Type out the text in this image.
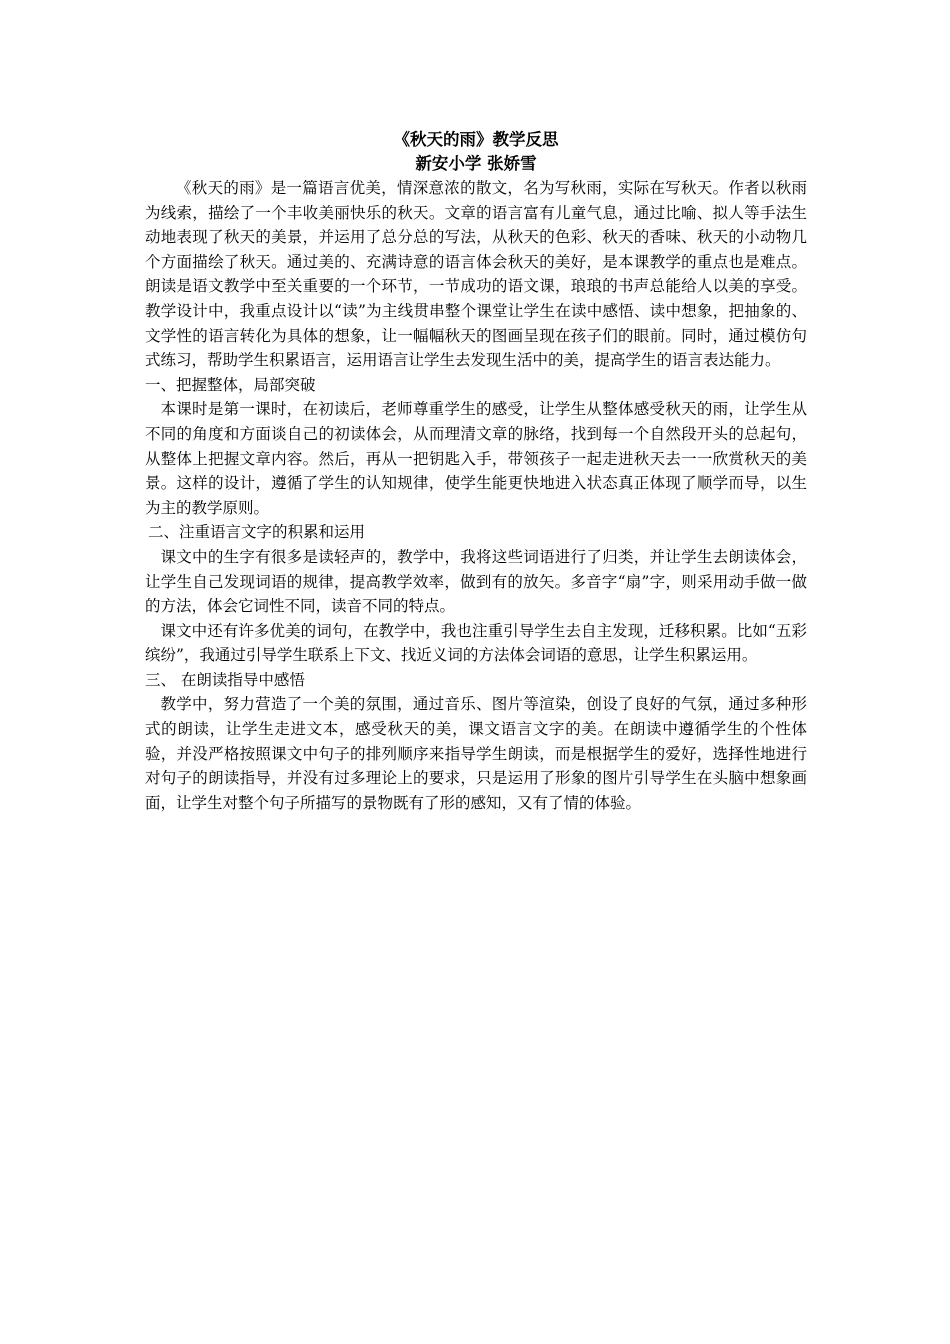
《秋天的雨》教学反思

新安小学 张娇雪

《秋天的雨》是一篇语言优美，情深意浓的散文，名为写秋雨，实际在写秋天。作者以秋雨为线索，描绘了一个丰收美丽快乐的秋天。文章的语言富有儿童气息，通过比喻、拟人等手法生动地表现了秋天的美景，并运用了总分总的写法，从秋天的色彩、秋天的香味、秋天的小动物几个方面描绘了秋天。通过美的、充满诗意的语言体会秋天的美好，是本课教学的重点也是难点。朗读是语文教学中至关重要的一个环节，一节成功的语文课，琅琅的书声总能给人以美的享受。教学设计中，我重点设计以“读”为主线贯串整个课堂让学生在读中感悟、读中想象，把抽象的、文学性的语言转化为具体的想象，让一幅幅秋天的图画呈现在孩子们的眼前。同时，通过模仿句式练习，帮助学生积累语言，运用语言让学生去发现生活中的美，提高学生的语言表达能力。

一、把握整体，局部突破

本课时是第一课时，在初读后，老师尊重学生的感受，让学生从整体感受秋天的雨，让学生从不同的角度和方面谈自己的初读体会，从而理清文章的脉络，找到每一个自然段开头的总起句，从整体上把握文章内容。然后，再从一把钥匙入手，带领孩子一起走进秋天去一一欣赏秋天的美景。这样的设计，遵循了学生的认知规律，使学生能更快地进入状态真正体现了顺学而导，以生为主的教学原则。

二、注重语言文字的积累和运用

课文中的生字有很多是读轻声的，教学中，我将这些词语进行了归类，并让学生去朗读体会，让学生自己发现词语的规律，提高教学效率，做到有的放矢。多音字“扇”字，则采用动手做一做的方法，体会它词性不同，读音不同的特点。

课文中还有许多优美的词句，在教学中，我也注重引导学生去自主发现，迁移积累。比如“五彩缤纷”，我通过引导学生联系上下文、找近义词的方法体会词语的意思，让学生积累运用。

三、 在朗读指导中感悟

教学中，努力营造了一个美的氛围，通过音乐、图片等渲染，创设了良好的气氛，通过多种形式的朗读，让学生走进文本，感受秋天的美，课文语言文字的美。在朗读中遵循学生的个性体验，并没严格按照课文中句子的排列顺序来指导学生朗读，而是根据学生的爱好，选择性地进行对句子的朗读指导，并没有过多理论上的要求，只是运用了形象的图片引导学生在头脑中想象画面，让学生对整个句子所描写的景物既有了形的感知，又有了情的体验。
